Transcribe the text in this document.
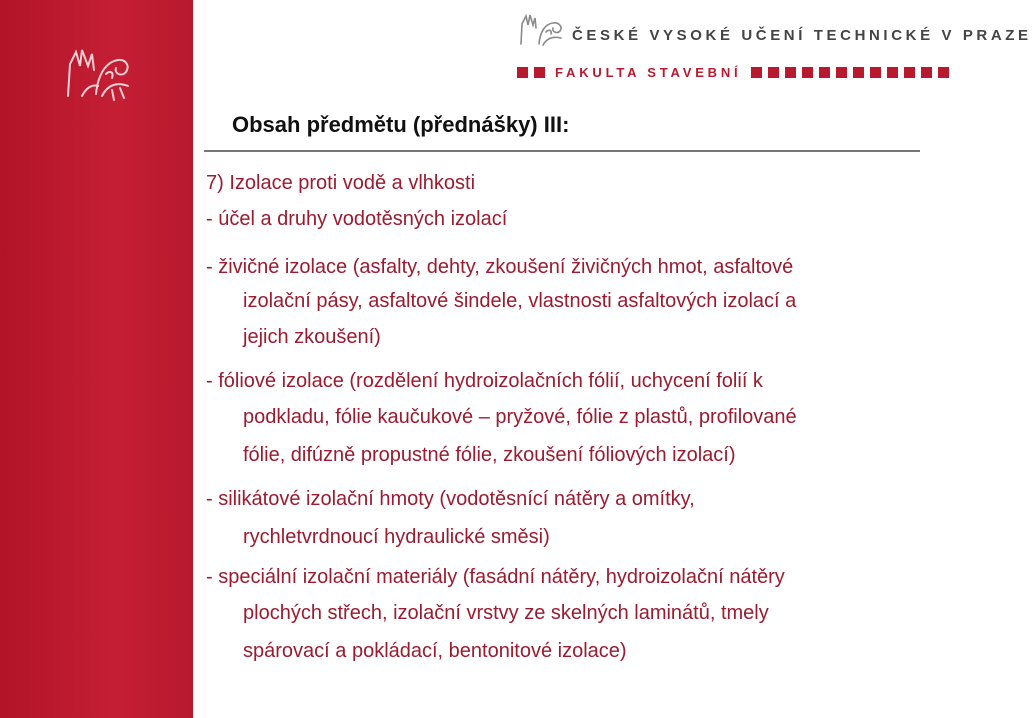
ČESKÉ VYSOKÉ UČENÍ TECHNICKÉ V PRAZE
FAKULTA STAVEBNÍ
Obsah předmětu (přednášky) III:
7) Izolace proti vodě a vlhkosti
- účel a druhy vodotěsných izolací
- živičné izolace (asfalty, dehty, zkoušení živičných hmot, asfaltové
izolační pásy, asfaltové šindele, vlastnosti asfaltových izolací a
jejich zkoušení)
- fóliové izolace (rozdělení hydroizolačních fólií, uchycení folií k
podkladu, fólie kaučukové – pryžové, fólie z plastů, profilované
fólie, difúzně propustné fólie, zkoušení fóliových izolací)
- silikátové izolační hmoty (vodotěsnící nátěry a omítky,
rychletvrdnoucí hydraulické směsi)
- speciální izolační materiály (fasádní nátěry, hydroizolační nátěry
plochých střech, izolační vrstvy ze skelných laminátů, tmely
spárovací a pokládací, bentonitové izolace)
